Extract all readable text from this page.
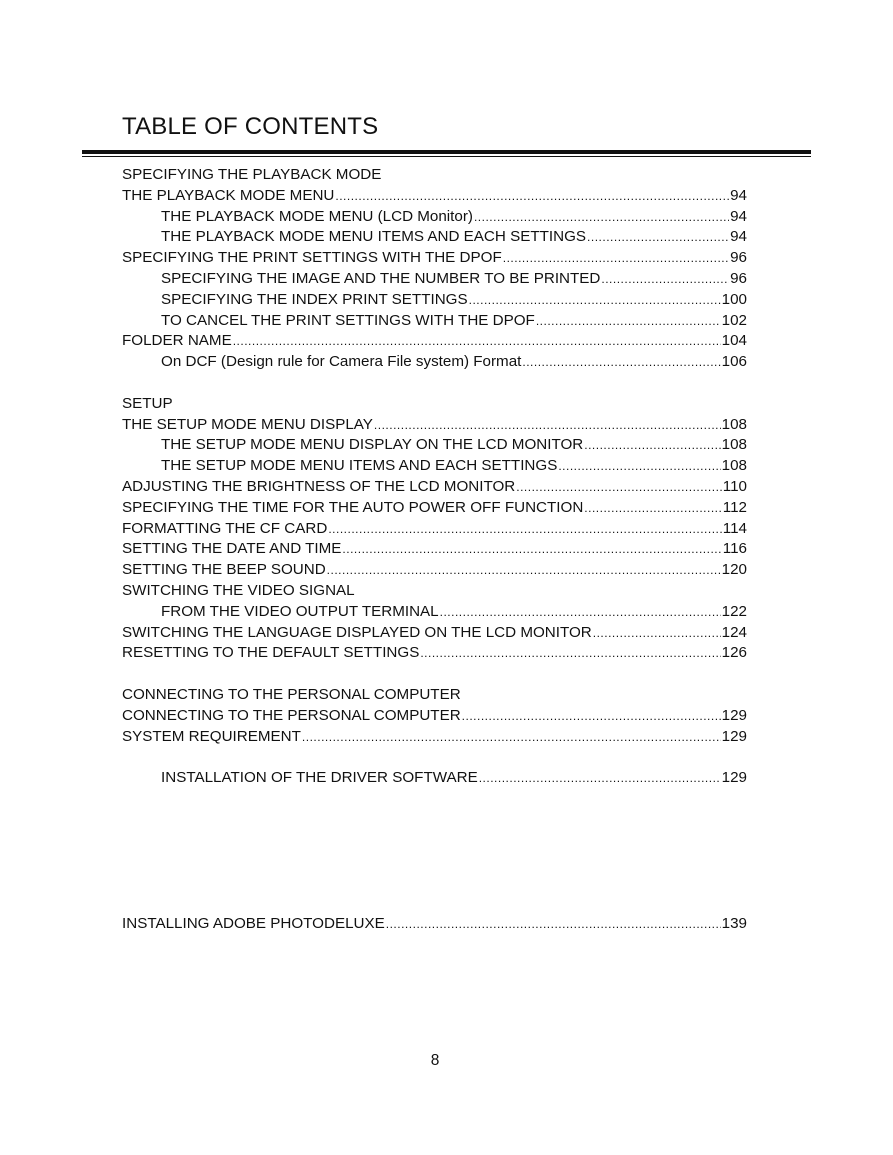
TABLE OF CONTENTS
SPECIFYING THE PLAYBACK MODE
THE PLAYBACK MODE MENU .....	94
THE PLAYBACK MODE MENU (LCD Monitor) .....	94
THE PLAYBACK MODE MENU ITEMS AND EACH SETTINGS .....	94
SPECIFYING THE PRINT SETTINGS WITH THE DPOF .....	96
SPECIFYING THE IMAGE AND THE NUMBER TO BE PRINTED .....	96
SPECIFYING THE INDEX PRINT SETTINGS .....	100
TO CANCEL THE PRINT SETTINGS WITH THE DPOF .....	102
FOLDER NAME .....	104
On DCF (Design rule for Camera File system) Format .....	106
SETUP
THE SETUP MODE MENU DISPLAY .....	108
THE SETUP MODE MENU DISPLAY ON THE LCD MONITOR .....	108
THE SETUP MODE MENU ITEMS AND EACH SETTINGS .....	108
ADJUSTING THE BRIGHTNESS OF THE LCD MONITOR .....	110
SPECIFYING THE TIME FOR THE AUTO POWER OFF FUNCTION .....	112
FORMATTING THE CF CARD .....	114
SETTING THE DATE AND TIME .....	116
SETTING THE BEEP SOUND .....	120
SWITCHING THE VIDEO SIGNAL
FROM THE VIDEO OUTPUT TERMINAL .....	122
SWITCHING THE LANGUAGE DISPLAYED ON THE LCD MONITOR .....	124
RESETTING TO THE DEFAULT SETTINGS .....	126
CONNECTING TO THE PERSONAL COMPUTER
CONNECTING TO THE PERSONAL COMPUTER .....	129
SYSTEM REQUIREMENT .....	129
INSTALLATION OF THE DRIVER SOFTWARE .....	129
INSTALLING ADOBE PHOTODELUXE .....	139
8
